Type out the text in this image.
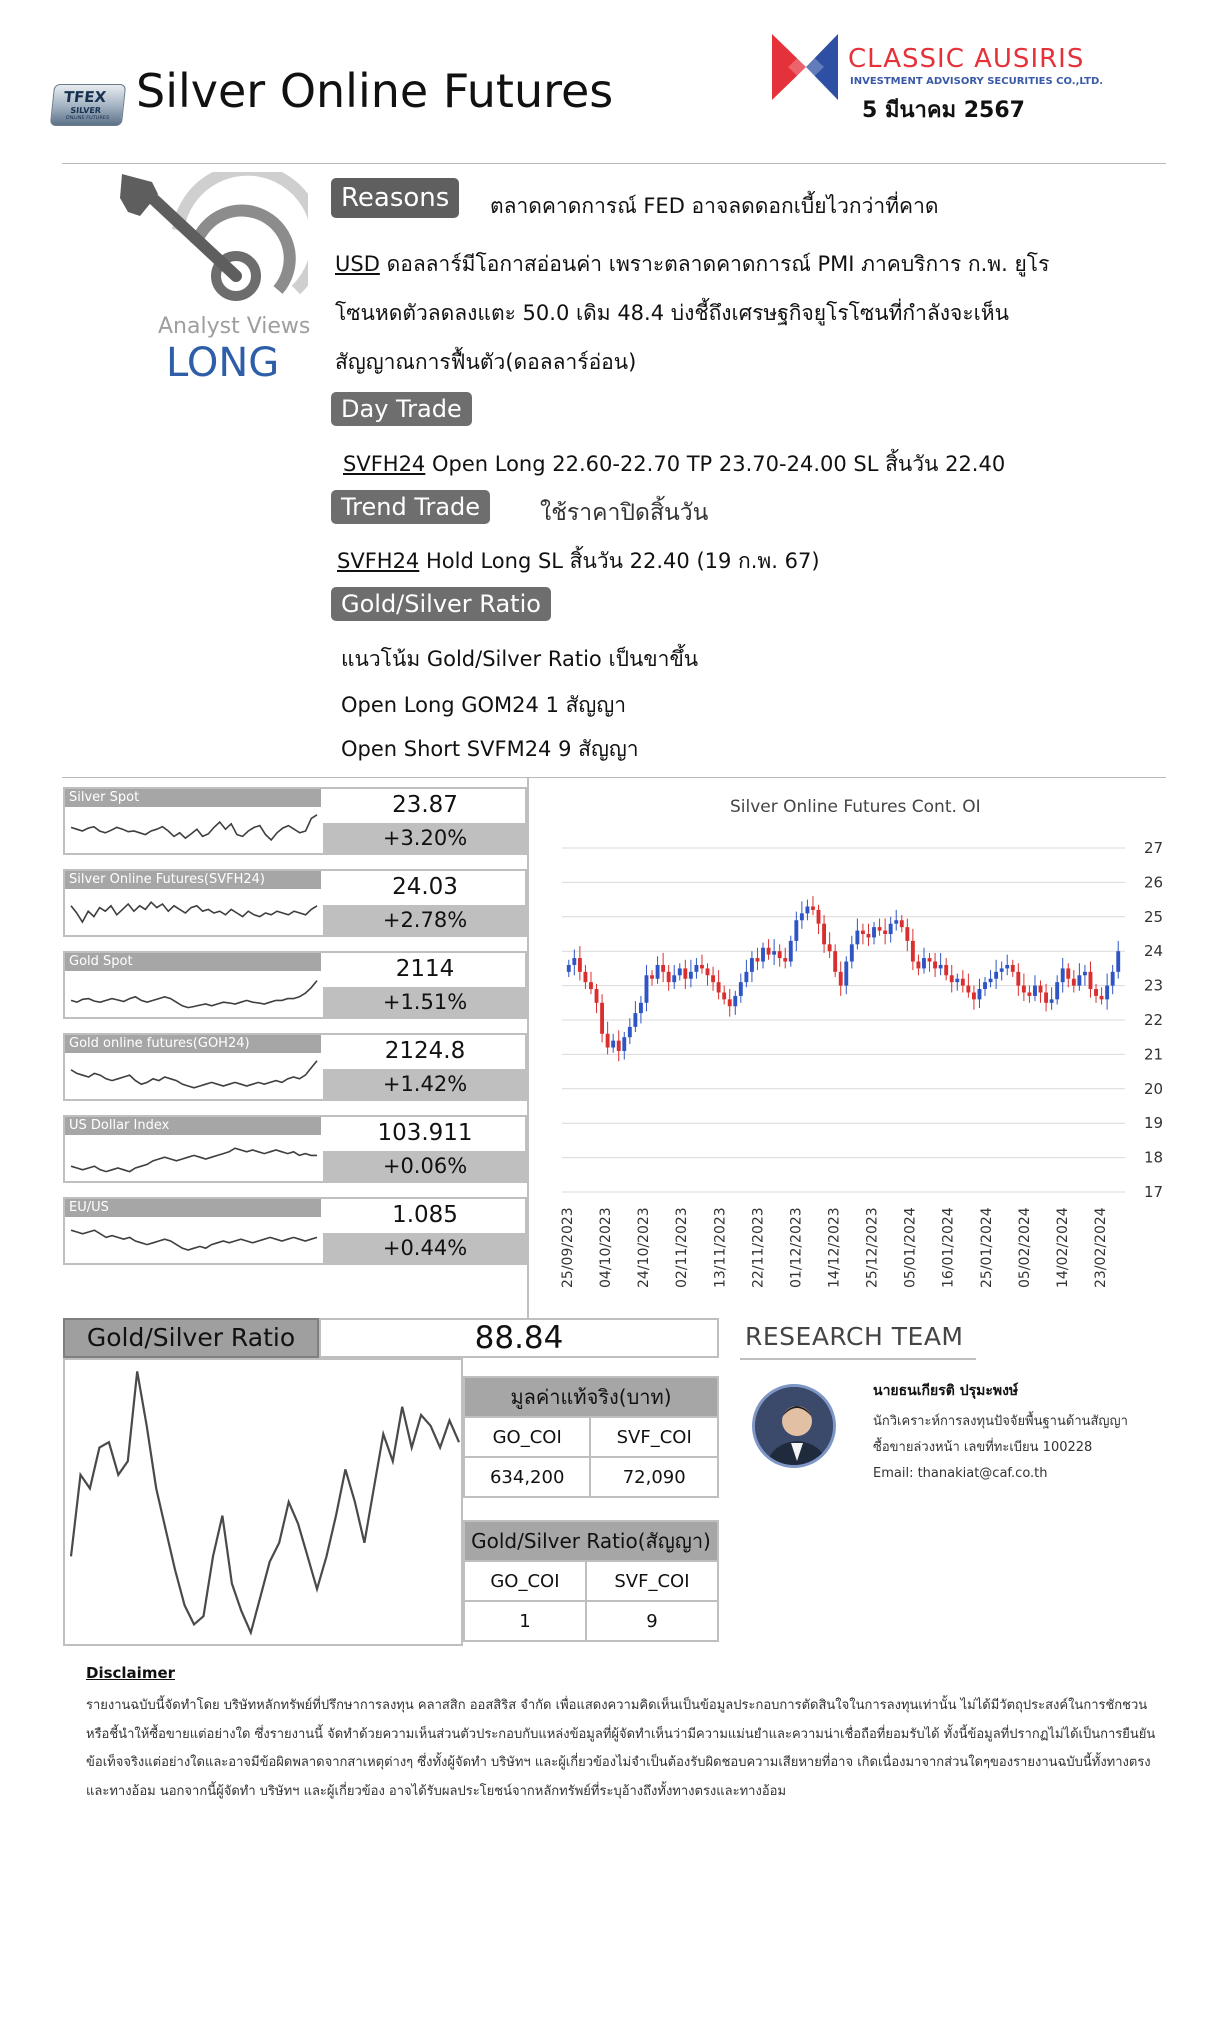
TFEX
SILVER
ONLINE FUTURES Silver Online Futures
CLASSIC AUSIRIS
INVESTMENT ADVISORY SECURITIES CO.,LTD.
5 มีนาคม 2567
Analyst Views
LONG
Reasons	ตลาดคาดการณ์ FED อาจลดดอกเบี้ยไวกว่าที่คาด
USD ดอลลาร์มีโอกาสอ่อนค่า เพราะตลาดคาดการณ์ PMI ภาคบริการ ก.พ. ยูโร
โซนหดตัวลดลงแตะ 50.0 เดิม 48.4 บ่งชี้ถึงเศรษฐกิจยูโรโซนที่กำลังจะเห็น
สัญญาณการฟื้นตัว(ดอลลาร์อ่อน)
Day Trade
SVFH24 Open Long 22.60-22.70 TP 23.70-24.00 SL สิ้นวัน 22.40
Trend Trade	ใช้ราคาปิดสิ้นวัน
SVFH24 Hold Long SL สิ้นวัน 22.40 (19 ก.พ. 67)
Gold/Silver Ratio
แนวโน้ม Gold/Silver Ratio เป็นขาขึ้น
Open Long GOM24 1 สัญญา
Open Short SVFM24 9 สัญญา
Silver Spot	23.87
+3.20%
Silver Online Futures(SVFH24)	24.03
+2.78%
Gold Spot	2114
+1.51%
Gold online futures(GOH24)	2124.8
+1.42%
US Dollar Index	103.911
+0.06%
EU/US	1.085
+0.44%
Silver Online Futures Cont. OI
27
26
25
24
23
22
21
20
19
18
17
25/09/2023 04/10/2023 24/10/2023 02/11/2023 13/11/2023 22/11/2023 01/12/2023 14/12/2023 25/12/2023 05/01/2024 16/01/2024 25/01/2024 05/02/2024 14/02/2024 23/02/2024
Gold/Silver Ratio	88.84
มูลค่าแท้จริง(บาท)	
GO_COI	SVF_COI
634,200	72,090
Gold/Silver Ratio(สัญญา)	
GO_COI	SVF_COI
1	9
RESEARCH TEAM
นายธนเกียรติ ปรุมะพงษ์
นักวิเคราะห์การลงทุนปัจจัยพื้นฐานด้านสัญญา
ซื้อขายล่วงหน้า เลขที่ทะเบียน 100228
Email: thanakiat@caf.co.th
Disclaimer
รายงานฉบับนี้จัดทำโดย บริษัทหลักทรัพย์ที่ปรึกษาการลงทุน คลาสสิก ออสสิริส จำกัด เพื่อแสดงความคิดเห็นเป็นข้อมูลประกอบการตัดสินใจในการลงทุนเท่านั้น ไม่ได้มีวัตถุประสงค์ในการชักชวนหรือชี้นำให้ซื้อขายแต่อย่างใด ซึ่งรายงานนี้ จัดทำด้วยความเห็นส่วนตัวประกอบกับแหล่งข้อมูลที่ผู้จัดทำเห็นว่ามีความแม่นยำและความน่าเชื่อถือที่ยอมรับได้ ทั้งนี้ข้อมูลที่ปรากฏไม่ได้เป็นการยืนยันข้อเท็จจริงแต่อย่างใดและอาจมีข้อผิดพลาดจากสาเหตุต่างๆ ซึ่งทั้งผู้จัดทำ บริษัทฯ และผู้เกี่ยวข้องไม่จำเป็นต้องรับผิดชอบความเสียหายที่อาจ เกิดเนื่องมาจากส่วนใดๆของรายงานฉบับนี้ทั้งทางตรงและทางอ้อม นอกจากนี้ผู้จัดทำ บริษัทฯ และผู้เกี่ยวข้อง อาจได้รับผลประโยชน์จากหลักทรัพย์ที่ระบุอ้างถึงทั้งทางตรงและทางอ้อม
